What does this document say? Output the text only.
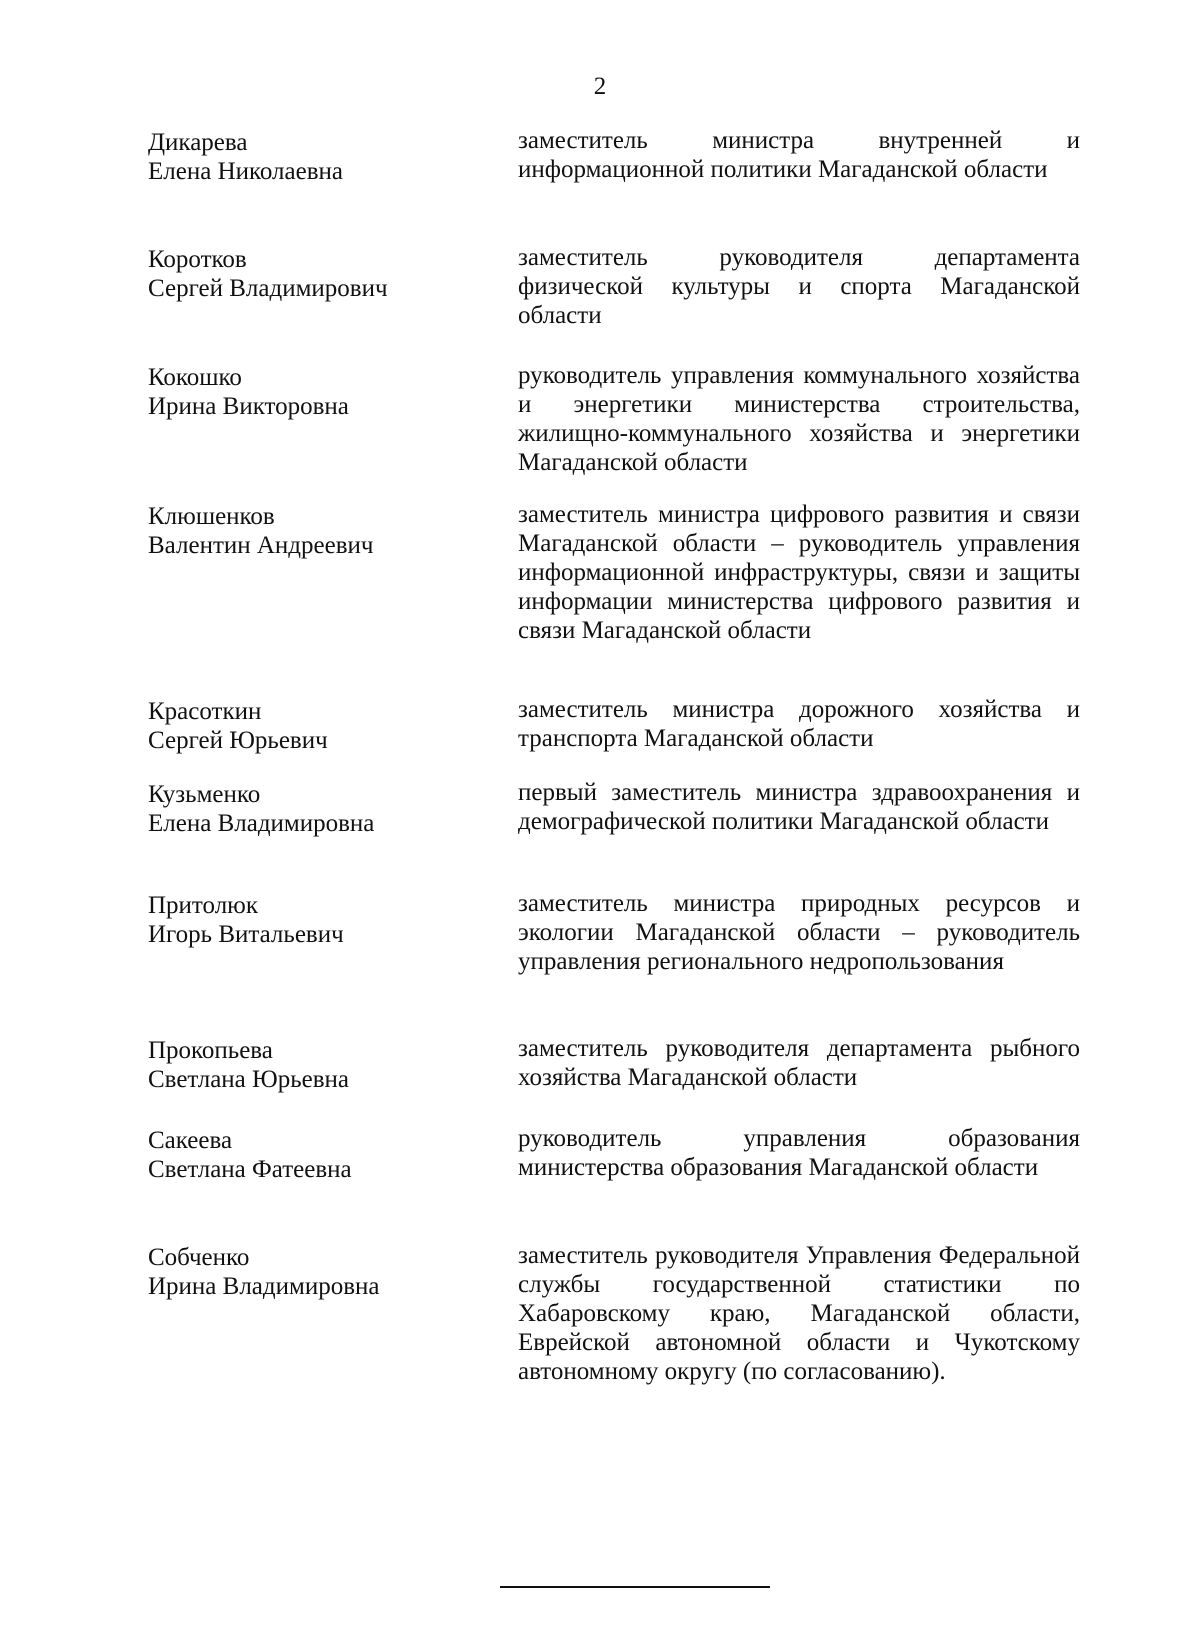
2
Дикарева
Елена Николаевна
заместитель министра внутренней и информационной политики Магаданской области
Коротков
Сергей Владимирович
заместитель руководителя департамента физической культуры и спорта Магаданской области
Кокошко
Ирина Викторовна
руководитель управления коммунального хозяйства и энергетики министерства строительства, жилищно-коммунального хозяйства и энергетики Магаданской области
Клюшенков
Валентин Андреевич
заместитель министра цифрового развития и связи Магаданской области – руководитель управления информационной инфраструктуры, связи и защиты информации министерства цифрового развития и связи Магаданской области
Красоткин
Сергей Юрьевич
заместитель министра дорожного хозяйства и транспорта Магаданской области
Кузьменко
Елена Владимировна
первый заместитель министра здравоохранения и демографической политики Магаданской области
Притолюк
Игорь Витальевич
заместитель министра природных ресурсов и экологии Магаданской области – руководитель управления регионального недропользования
Прокопьева
Светлана Юрьевна
заместитель руководителя департамента рыбного хозяйства Магаданской области
Сакеева
Светлана Фатеевна
руководитель управления образования министерства образования Магаданской области
Собченко
Ирина Владимировна
заместитель руководителя Управления Федеральной службы государственной статистики по Хабаровскому краю, Магаданской области, Еврейской автономной области и Чукотскому автономному округу (по согласованию).
